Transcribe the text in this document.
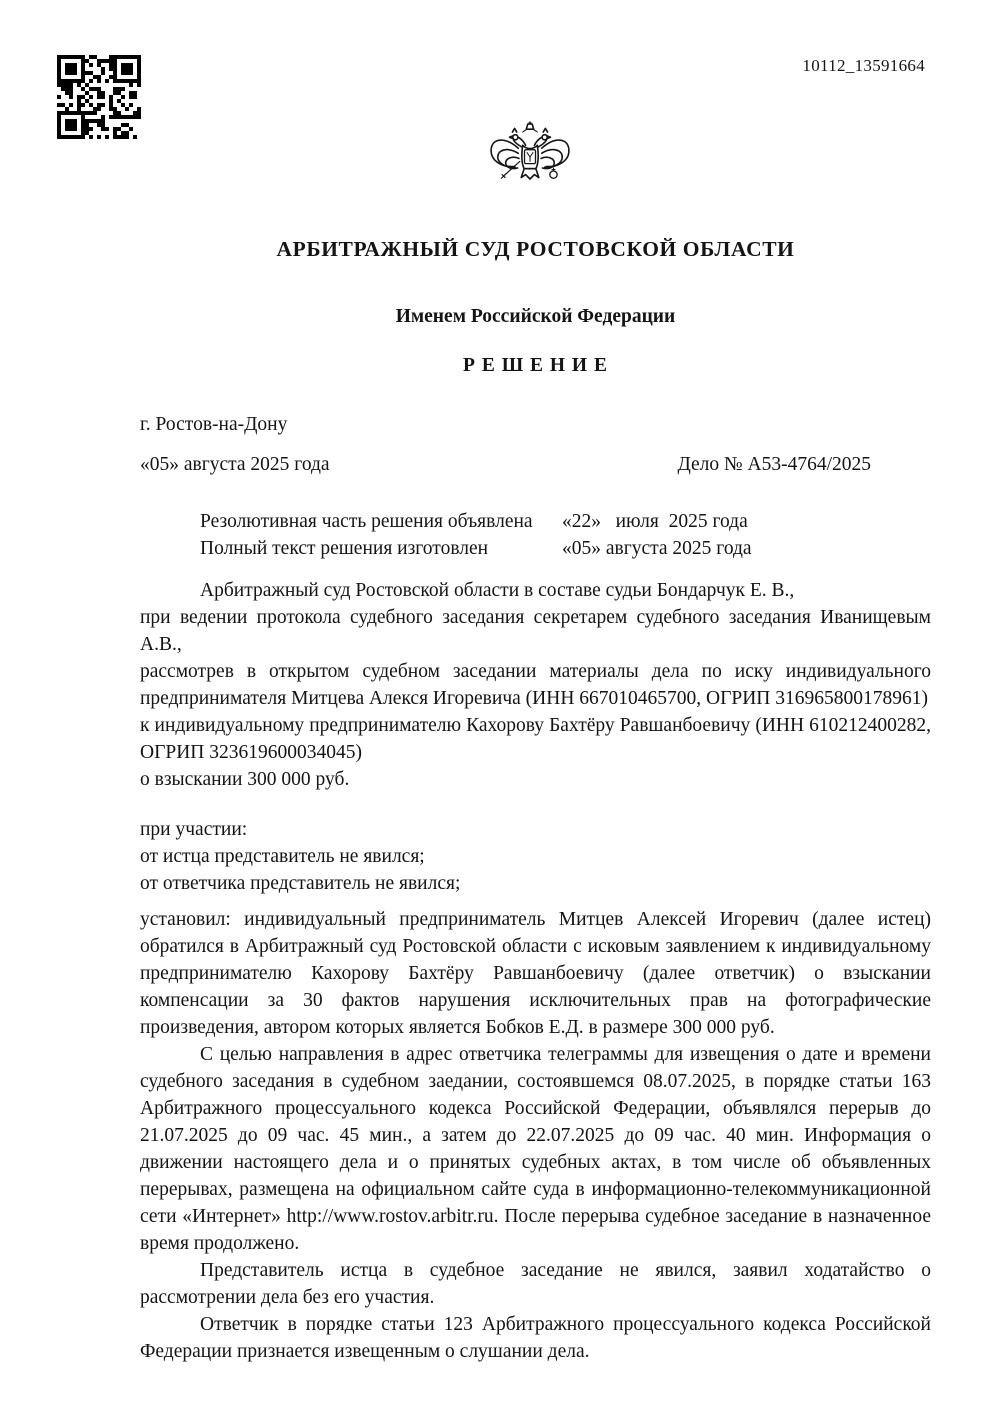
10112_13591664
АРБИТРАЖНЫЙ СУД РОСТОВСКОЙ ОБЛАСТИ
Именем Российской Федерации
Р Е Ш Е Н И Е
г. Ростов-на-Дону
«05» августа 2025 года	Дело № А53-4764/2025
Резолютивная часть решения объявлена «22»   июля  2025 года
Полный текст решения изготовлен	«05» августа 2025 года

Арбитражный суд Ростовской области в составе судьи Бондарчук Е. В.,

при ведении протокола судебного заседания секретарем судебного заседания Иванищевым А.В.,

рассмотрев в открытом судебном заседании материалы дела по иску индивидуального предпринимателя Митцева Алекся Игоревича (ИНН 667010465700, ОГРИП 316965800178961)

к индивидуальному предпринимателю Кахорову Бахтёру Равшанбоевичу (ИНН 610212400282, ОГРИП 323619600034045)

о взыскании 300 000 руб.

при участии:

от истца представитель не явился;

от ответчика представитель не явился;

установил: индивидуальный предприниматель Митцев Алексей Игоревич (далее истец) обратился в Арбитражный суд Ростовской области с исковым заявлением к индивидуальному предпринимателю Кахорову Бахтёру Равшанбоевичу (далее ответчик) о взыскании компенсации за 30 фактов нарушения исключительных прав на фотографические произведения, автором которых является Бобков Е.Д. в размере 300 000 руб.

С целью направления в адрес ответчика телеграммы для извещения о дате и времени судебного заседания в судебном заедании, состоявшемся 08.07.2025, в порядке статьи 163 Арбитражного процессуального кодекса Российской Федерации, объявлялся перерыв до 21.07.2025 до 09 час. 45 мин., а затем до 22.07.2025 до 09 час. 40 мин. Информация о движении настоящего дела и о принятых судебных актах, в том числе об объявленных перерывах, размещена на официальном сайте суда в информационно-телекоммуникационной сети «Интернет» http://www.rostov.arbitr.ru. После перерыва судебное заседание в назначенное время продолжено.

Представитель истца в судебное заседание не явился, заявил ходатайство о рассмотрении дела без его участия.

Ответчик в порядке статьи 123 Арбитражного процессуального кодекса Российской Федерации признается извещенным о слушании дела.
